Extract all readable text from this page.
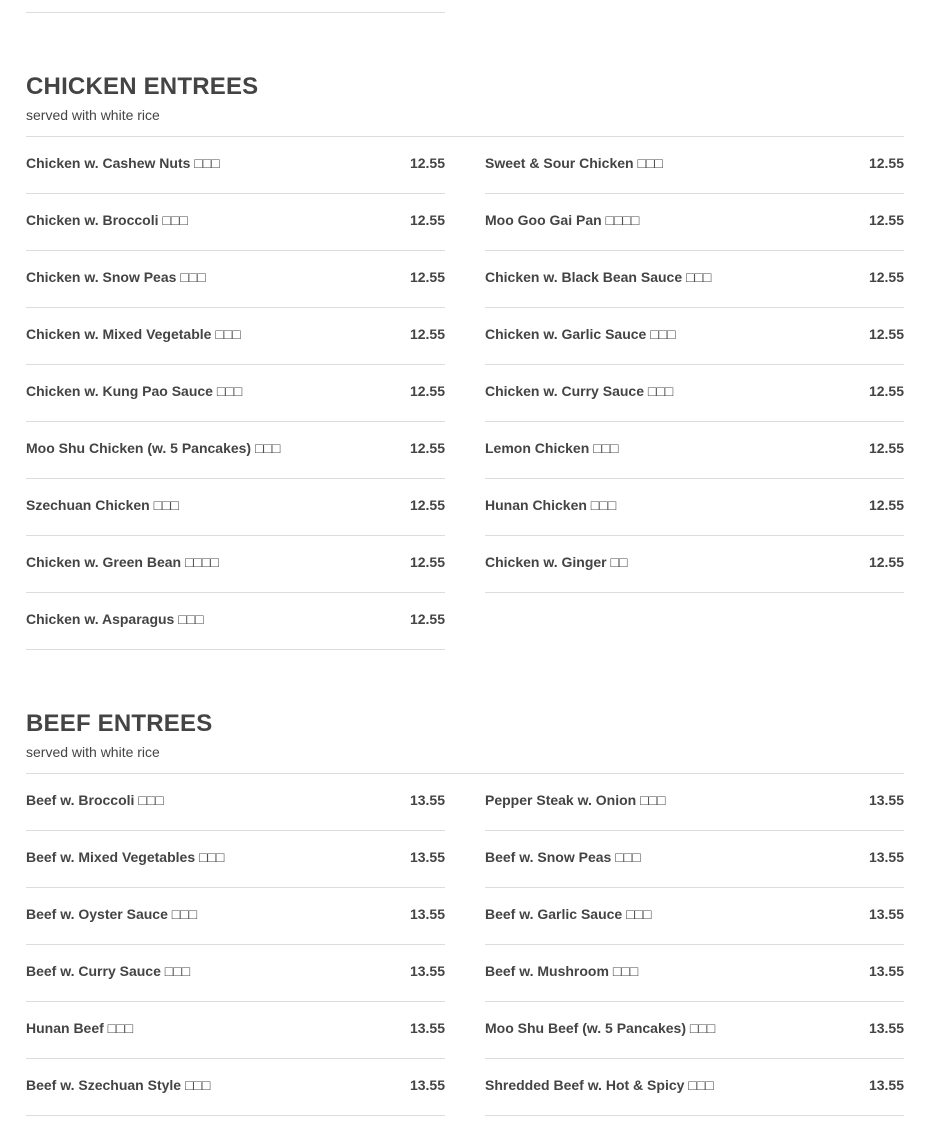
CHICKEN ENTREES
served with white rice
Chicken w. Cashew Nuts □□□	12.55
Chicken w. Broccoli □□□	12.55
Chicken w. Snow Peas □□□	12.55
Chicken w. Mixed Vegetable □□□	12.55
Chicken w. Kung Pao Sauce □□□	12.55
Moo Shu Chicken (w. 5 Pancakes) □□□	12.55
Szechuan Chicken □□□	12.55
Chicken w. Green Bean □□□□	12.55
Chicken w. Asparagus □□□	12.55
Sweet & Sour Chicken □□□	12.55
Moo Goo Gai Pan □□□□	12.55
Chicken w. Black Bean Sauce □□□	12.55
Chicken w. Garlic Sauce □□□	12.55
Chicken w. Curry Sauce □□□	12.55
Lemon Chicken □□□	12.55
Hunan Chicken □□□	12.55
Chicken w. Ginger □□	12.55
BEEF ENTREES
served with white rice
Beef w. Broccoli □□□	13.55
Beef w. Mixed Vegetables □□□	13.55
Beef w. Oyster Sauce □□□	13.55
Beef w. Curry Sauce □□□	13.55
Hunan Beef □□□	13.55
Beef w. Szechuan Style □□□	13.55
Pepper Steak w. Onion □□□	13.55
Beef w. Snow Peas □□□	13.55
Beef w. Garlic Sauce □□□	13.55
Beef w. Mushroom □□□	13.55
Moo Shu Beef (w. 5 Pancakes) □□□	13.55
Shredded Beef w. Hot & Spicy □□□	13.55
